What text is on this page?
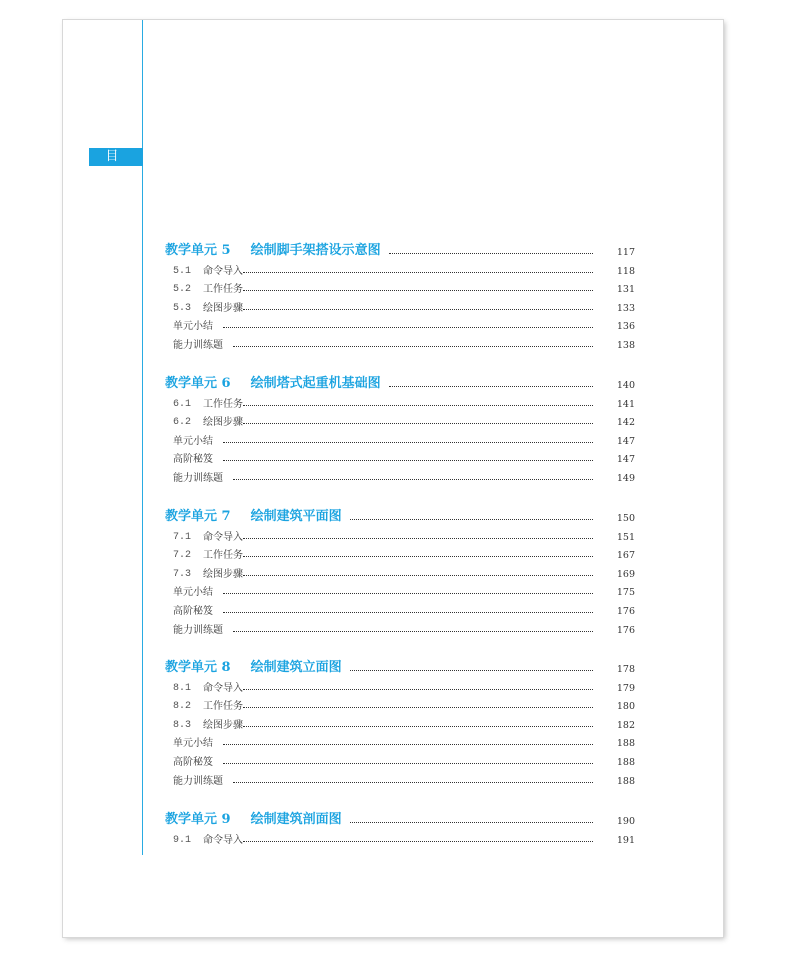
目 录
教学单元 5 绘制脚手架搭设示意图	117
5.1	命令导入	118
5.2	工作任务	131
5.3	绘图步骤	133
单元小结	136
能力训练题	138
教学单元 6 绘制塔式起重机基础图	140
6.1	工作任务	141
6.2	绘图步骤	142
单元小结	147
高阶秘笈	147
能力训练题	149
教学单元 7 绘制建筑平面图	150
7.1	命令导入	151
7.2	工作任务	167
7.3	绘图步骤	169
单元小结	175
高阶秘笈	176
能力训练题	176
教学单元 8 绘制建筑立面图	178
8.1	命令导入	179
8.2	工作任务	180
8.3	绘图步骤	182
单元小结	188
高阶秘笈	188
能力训练题	188
教学单元 9 绘制建筑剖面图	190
9.1	命令导入	191
